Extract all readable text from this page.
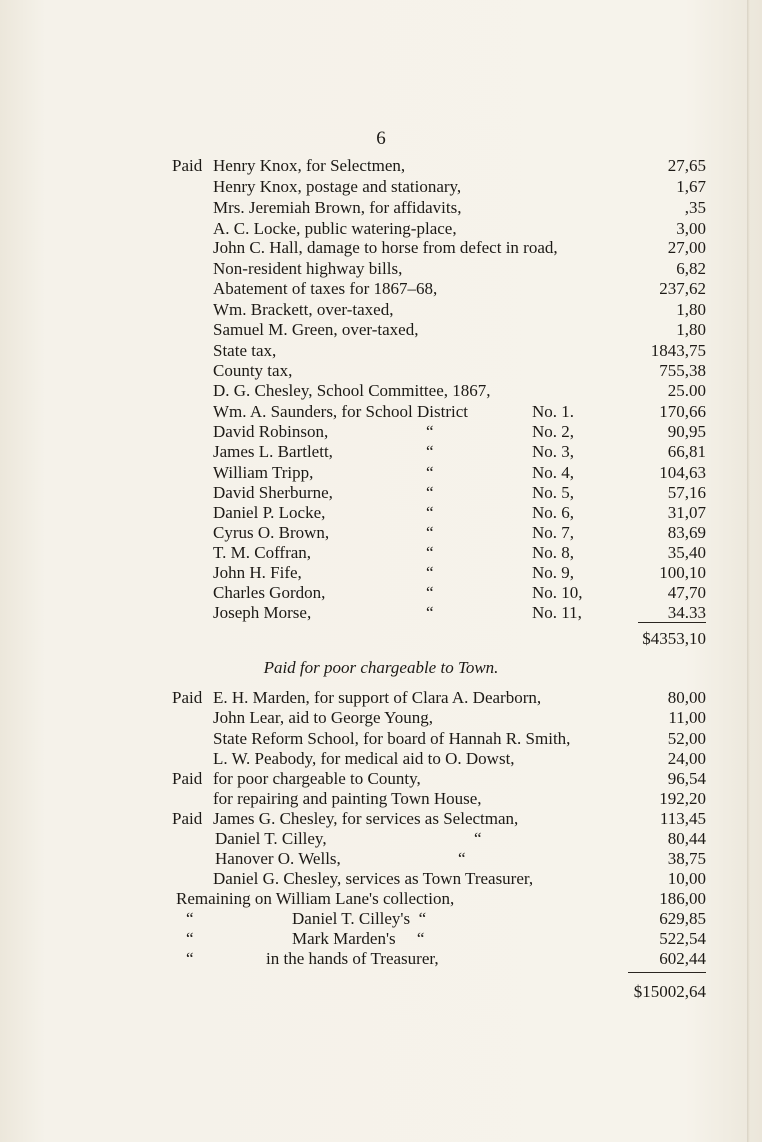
6
Paid Henry Knox, for Selectmen,	27,65
Henry Knox, postage and stationary,	1,67
Mrs. Jeremiah Brown, for affidavits,	,35
A. C. Locke, public watering-place,	3,00
John C. Hall, damage to horse from defect in road,	27,00
Non-resident highway bills,	6,82
Abatement of taxes for 1867–68,	237,62
Wm. Brackett, over-taxed,	1,80
Samuel M. Green, over-taxed,	1,80
State tax,	1843,75
County tax,	755,38
D. G. Chesley, School Committee, 1867,	25.00
Wm. A. Saunders, for School District	No. 1.	170,66
David Robinson,	“	No. 2,	90,95
James L. Bartlett,	“	No. 3,	66,81
William Tripp,	“	No. 4,	104,63
David Sherburne,	“	No. 5,	57,16
Daniel P. Locke,	“	No. 6,	31,07
Cyrus O. Brown,	“	No. 7,	83,69
T. M. Coffran,	“	No. 8,	35,40
John H. Fife,	“	No. 9,	100,10
Charles Gordon,	“	No. 10,	47,70
Joseph Morse,	“	No. 11,	34.33
$4353,10
Paid for poor chargeable to Town.
Paid E. H. Marden, for support of Clara A. Dearborn,	80,00
John Lear, aid to George Young,	11,00
State Reform School, for board of Hannah R. Smith,	52,00
L. W. Peabody, for medical aid to O. Dowst,	24,00
Paid for poor chargeable to County,	96,54
for repairing and painting Town House,	192,20
Paid James G. Chesley, for services as Selectman,	113,45
Daniel T. Cilley,	“	80,44
Hanover O. Wells,	“	38,75
Daniel G. Chesley, services as Town Treasurer,	10,00
Remaining on William Lane's collection,	186,00
“	Daniel T. Cilley's  “	629,85
“	Mark Marden's     “	522,54
“	in the hands of Treasurer,	602,44
$15002,64
